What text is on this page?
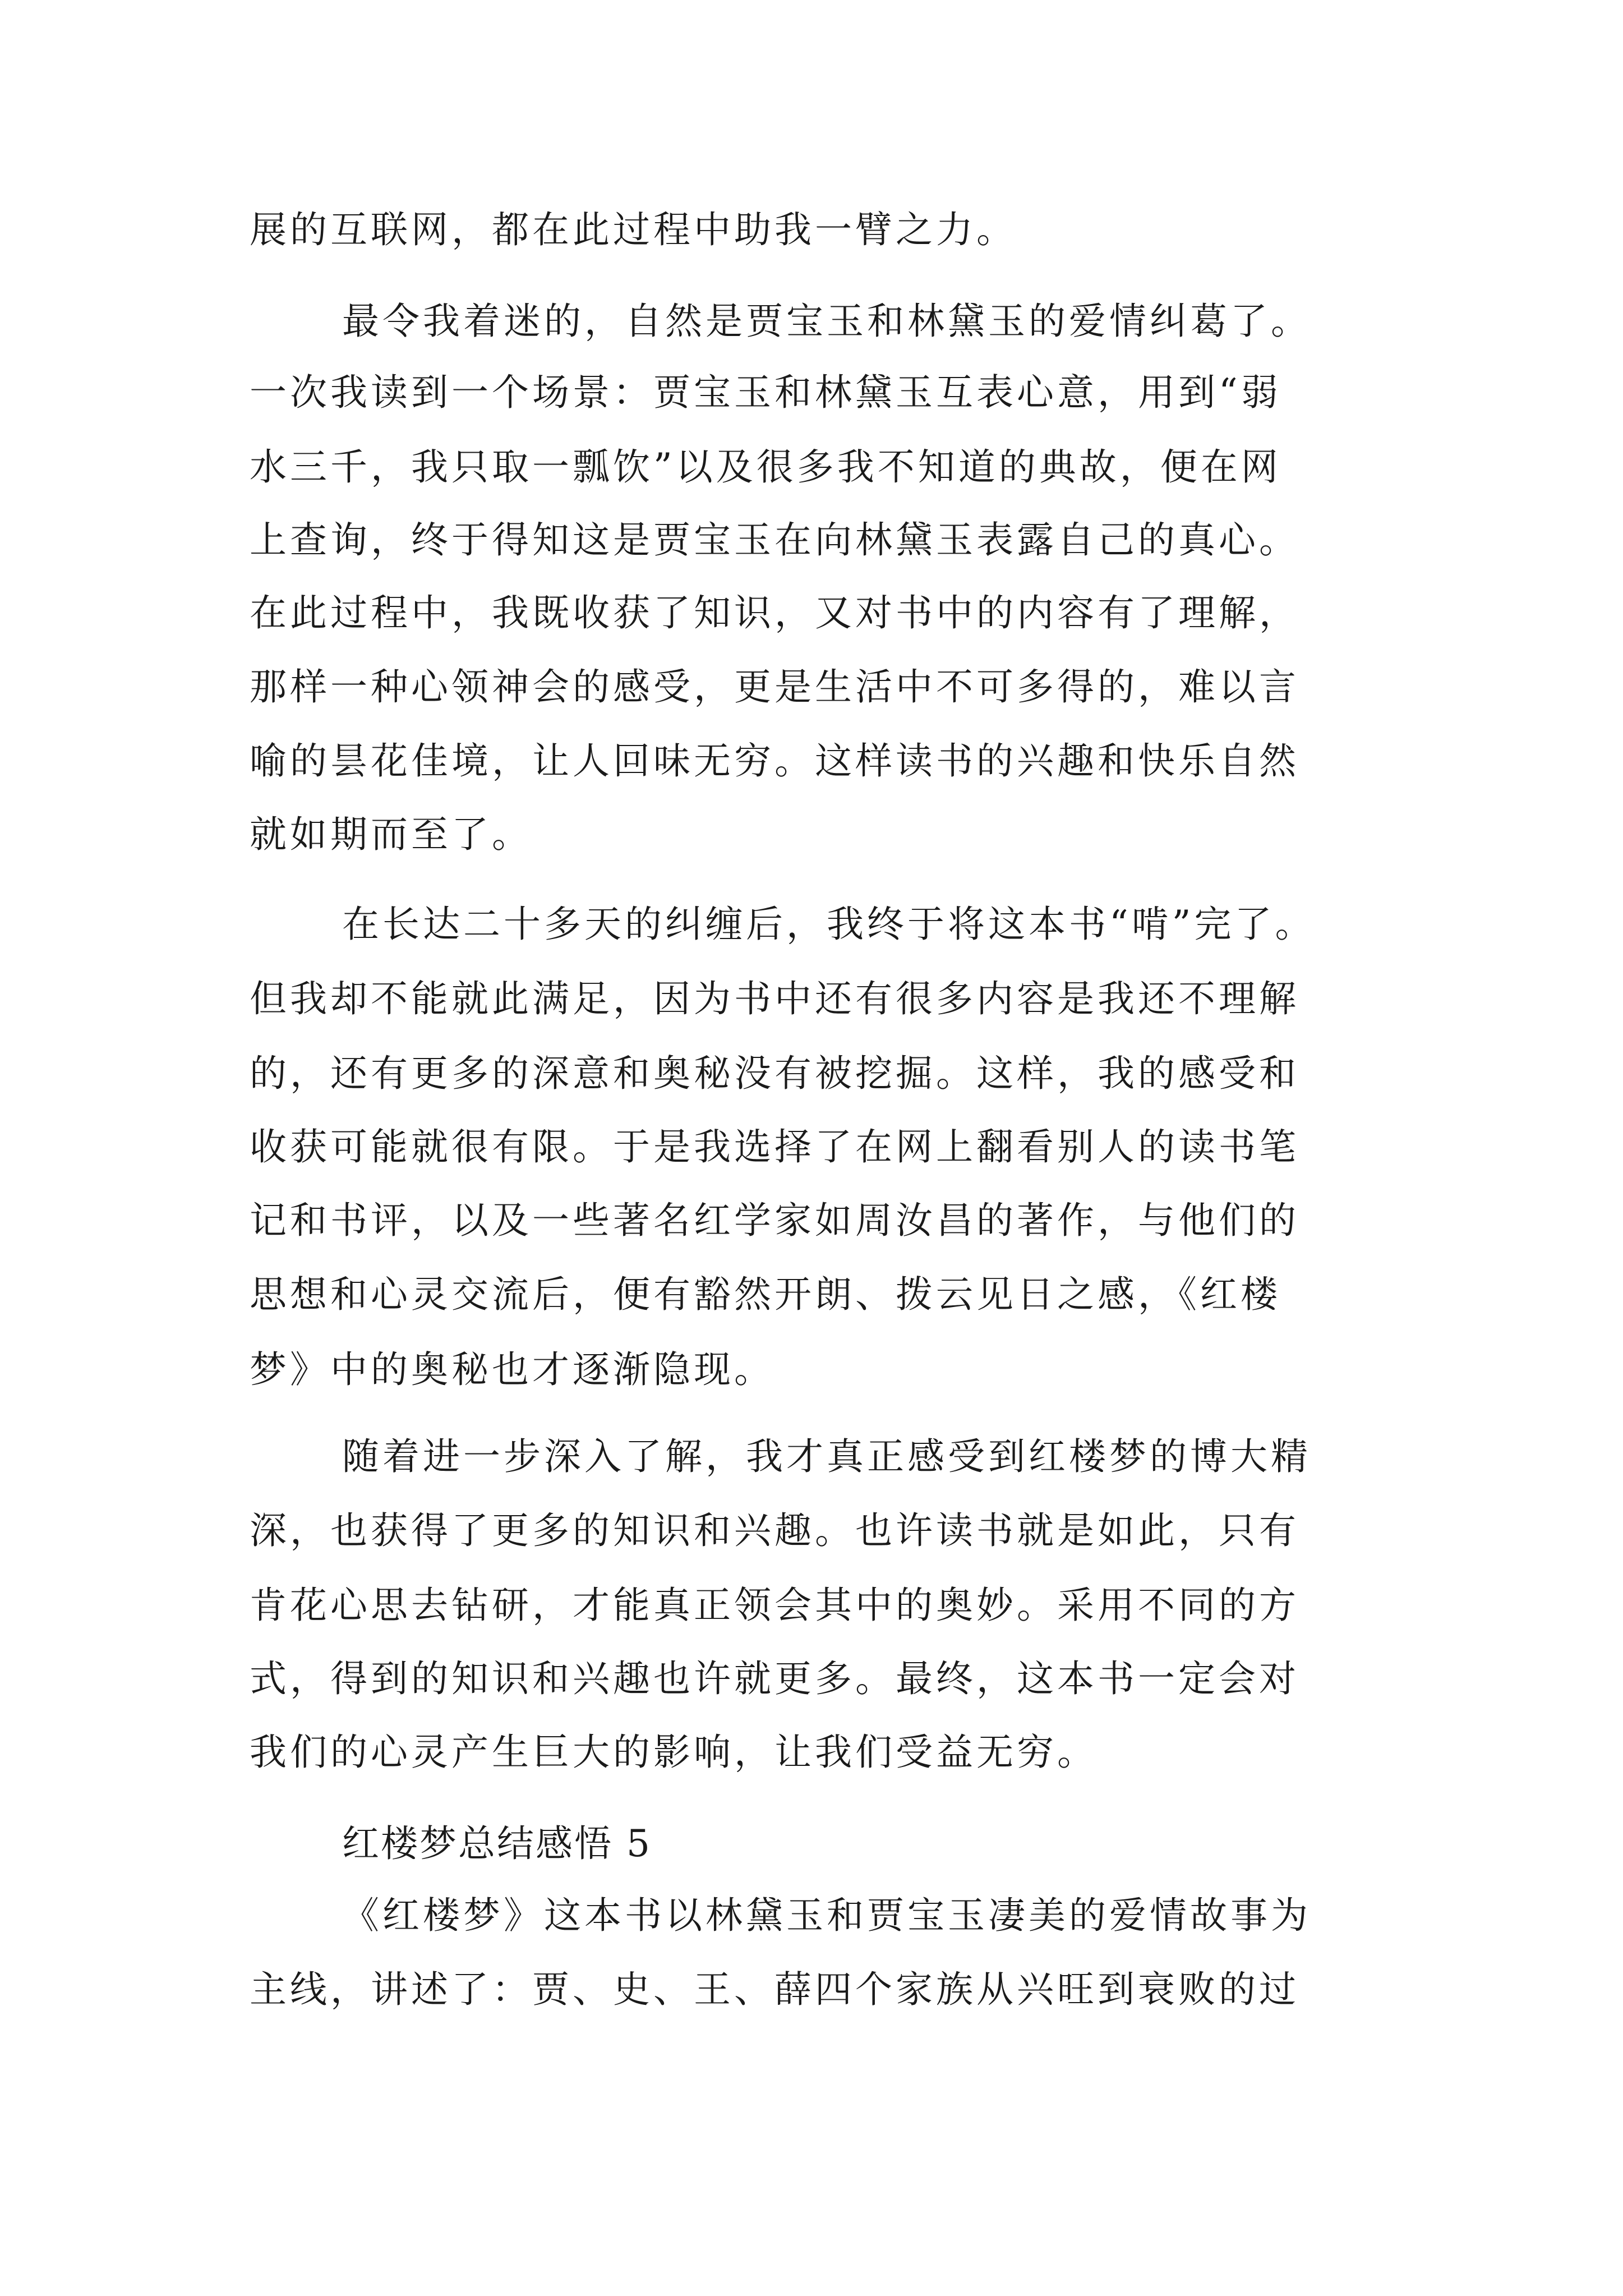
展的互联网，都在此过程中助我一臂之力。
最令我着迷的，自然是贾宝玉和林黛玉的爱情纠葛了。
一次我读到一个场景：贾宝玉和林黛玉互表心意，用到“弱
水三千，我只取一瓢饮”以及很多我不知道的典故，便在网
上查询，终于得知这是贾宝玉在向林黛玉表露自己的真心。
在此过程中，我既收获了知识，又对书中的内容有了理解，
那样一种心领神会的感受，更是生活中不可多得的，难以言
喻的昙花佳境，让人回味无穷。这样读书的兴趣和快乐自然
就如期而至了。
在长达二十多天的纠缠后，我终于将这本书“啃”完了。
但我却不能就此满足，因为书中还有很多内容是我还不理解
的，还有更多的深意和奥秘没有被挖掘。这样，我的感受和
收获可能就很有限。于是我选择了在网上翻看别人的读书笔
记和书评，以及一些著名红学家如周汝昌的著作，与他们的
思想和心灵交流后，便有豁然开朗、拨云见日之感，《红楼
梦》中的奥秘也才逐渐隐现。
随着进一步深入了解，我才真正感受到红楼梦的博大精
深，也获得了更多的知识和兴趣。也许读书就是如此，只有
肯花心思去钻研，才能真正领会其中的奥妙。采用不同的方
式，得到的知识和兴趣也许就更多。最终，这本书一定会对
我们的心灵产生巨大的影响，让我们受益无穷。
红楼梦总结感悟 5
《红楼梦》这本书以林黛玉和贾宝玉凄美的爱情故事为
主线，讲述了：贾、史、王、薛四个家族从兴旺到衰败的过
